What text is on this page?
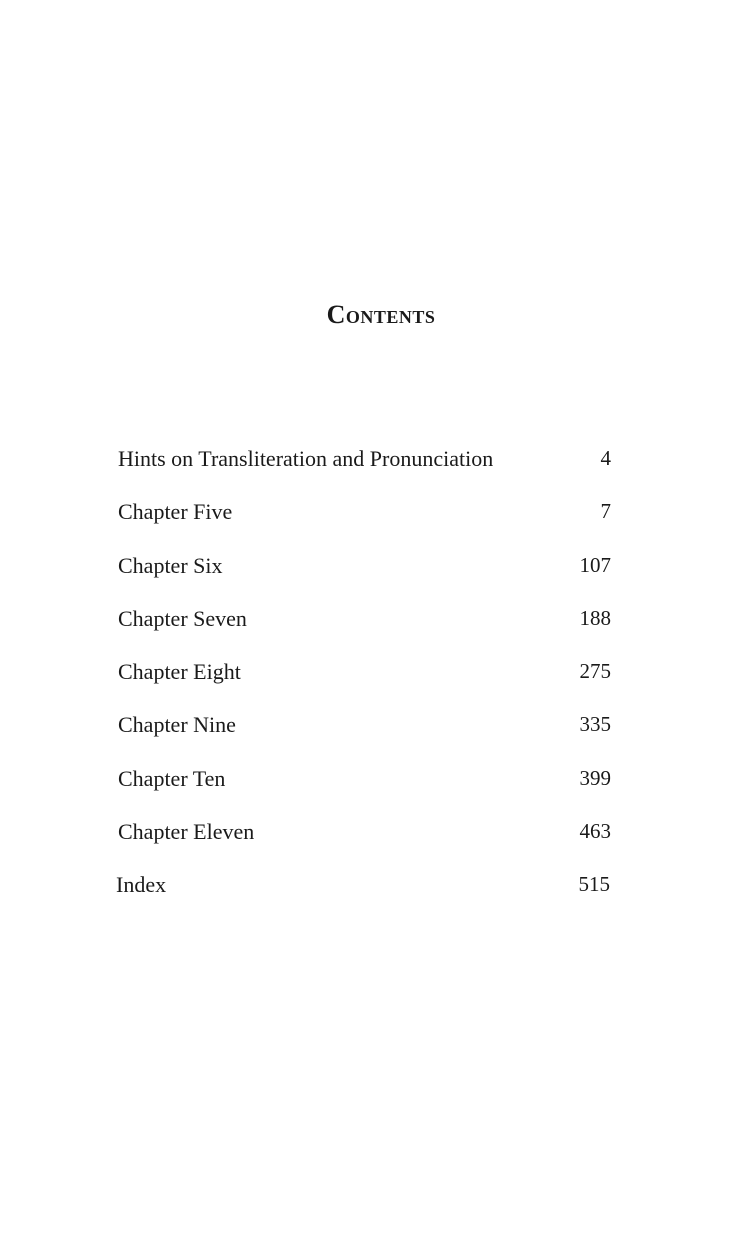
Contents
Hints on Transliteration and Pronunciation	4
Chapter Five	7
Chapter Six	107
Chapter Seven	188
Chapter Eight	275
Chapter Nine	335
Chapter Ten	399
Chapter Eleven	463
Index	515
